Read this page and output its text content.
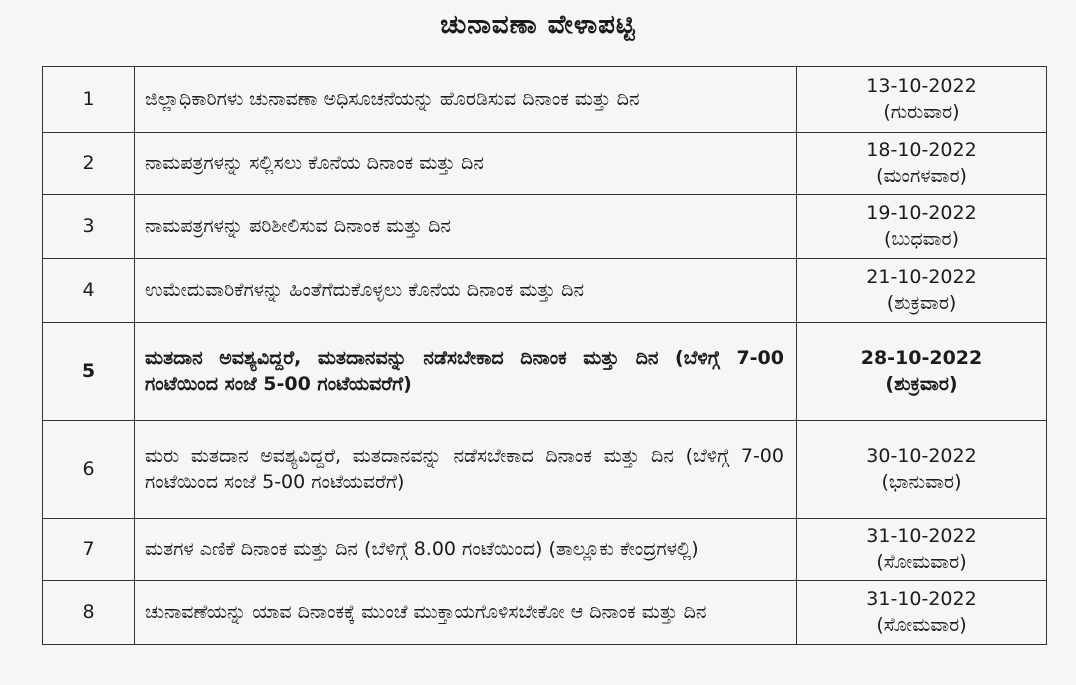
ಚುನಾವಣಾ ವೇಳಾಪಟ್ಟಿ
1	ಜಿಲ್ಲಾಧಿಕಾರಿಗಳು ಚುನಾವಣಾ ಅಧಿಸೂಚನೆಯನ್ನು ಹೊರಡಿಸುವ ದಿನಾಂಕ ಮತ್ತು ದಿನ	13-10-2022
(ಗುರುವಾರ)

2	ನಾಮಪತ್ರಗಳನ್ನು ಸಲ್ಲಿಸಲು ಕೊನೆಯ ದಿನಾಂಕ ಮತ್ತು ದಿನ	18-10-2022
(ಮಂಗಳವಾರ)

3	ನಾಮಪತ್ರಗಳನ್ನು ಪರಿಶೀಲಿಸುವ ದಿನಾಂಕ ಮತ್ತು ದಿನ	19-10-2022
(ಬುಧವಾರ)

4	ಉಮೇದುವಾರಿಕೆಗಳನ್ನು ಹಿಂತೆಗೆದುಕೊಳ್ಳಲು ಕೊನೆಯ ದಿನಾಂಕ ಮತ್ತು ದಿನ	21-10-2022
(ಶುಕ್ರವಾರ)

5	ಮತದಾನ ಅವಶ್ಯವಿದ್ದರೆ, ಮತದಾನವನ್ನು ನಡೆಸಬೇಕಾದ ದಿನಾಂಕ ಮತ್ತು ದಿನ (ಬೆಳಿಗ್ಗೆ 7-00 ಗಂಟೆಯಿಂದ ಸಂಜೆ 5-00 ಗಂಟೆಯವರೆಗೆ)	28-10-2022
(ಶುಕ್ರವಾರ)

6	ಮರು ಮತದಾನ ಅವಶ್ಯವಿದ್ದರೆ, ಮತದಾನವನ್ನು ನಡೆಸಬೇಕಾದ ದಿನಾಂಕ ಮತ್ತು ದಿನ (ಬೆಳಿಗ್ಗೆ 7-00 ಗಂಟೆಯಿಂದ ಸಂಜೆ 5-00 ಗಂಟೆಯವರೆಗೆ)	30-10-2022
(ಭಾನುವಾರ)

7	ಮತಗಳ ಎಣಿಕೆ ದಿನಾಂಕ ಮತ್ತು ದಿನ (ಬೆಳಿಗ್ಗೆ 8.00 ಗಂಟೆಯಿಂದ) (ತಾಲ್ಲೂಕು ಕೇಂದ್ರಗಳಲ್ಲಿ)	31-10-2022
(ಸೋಮವಾರ)

8	ಚುನಾವಣೆಯನ್ನು ಯಾವ ದಿನಾಂಕಕ್ಕೆ ಮುಂಚೆ ಮುಕ್ತಾಯಗೊಳಿಸಬೇಕೋ ಆ ದಿನಾಂಕ ಮತ್ತು ದಿನ	31-10-2022
(ಸೋಮವಾರ)
